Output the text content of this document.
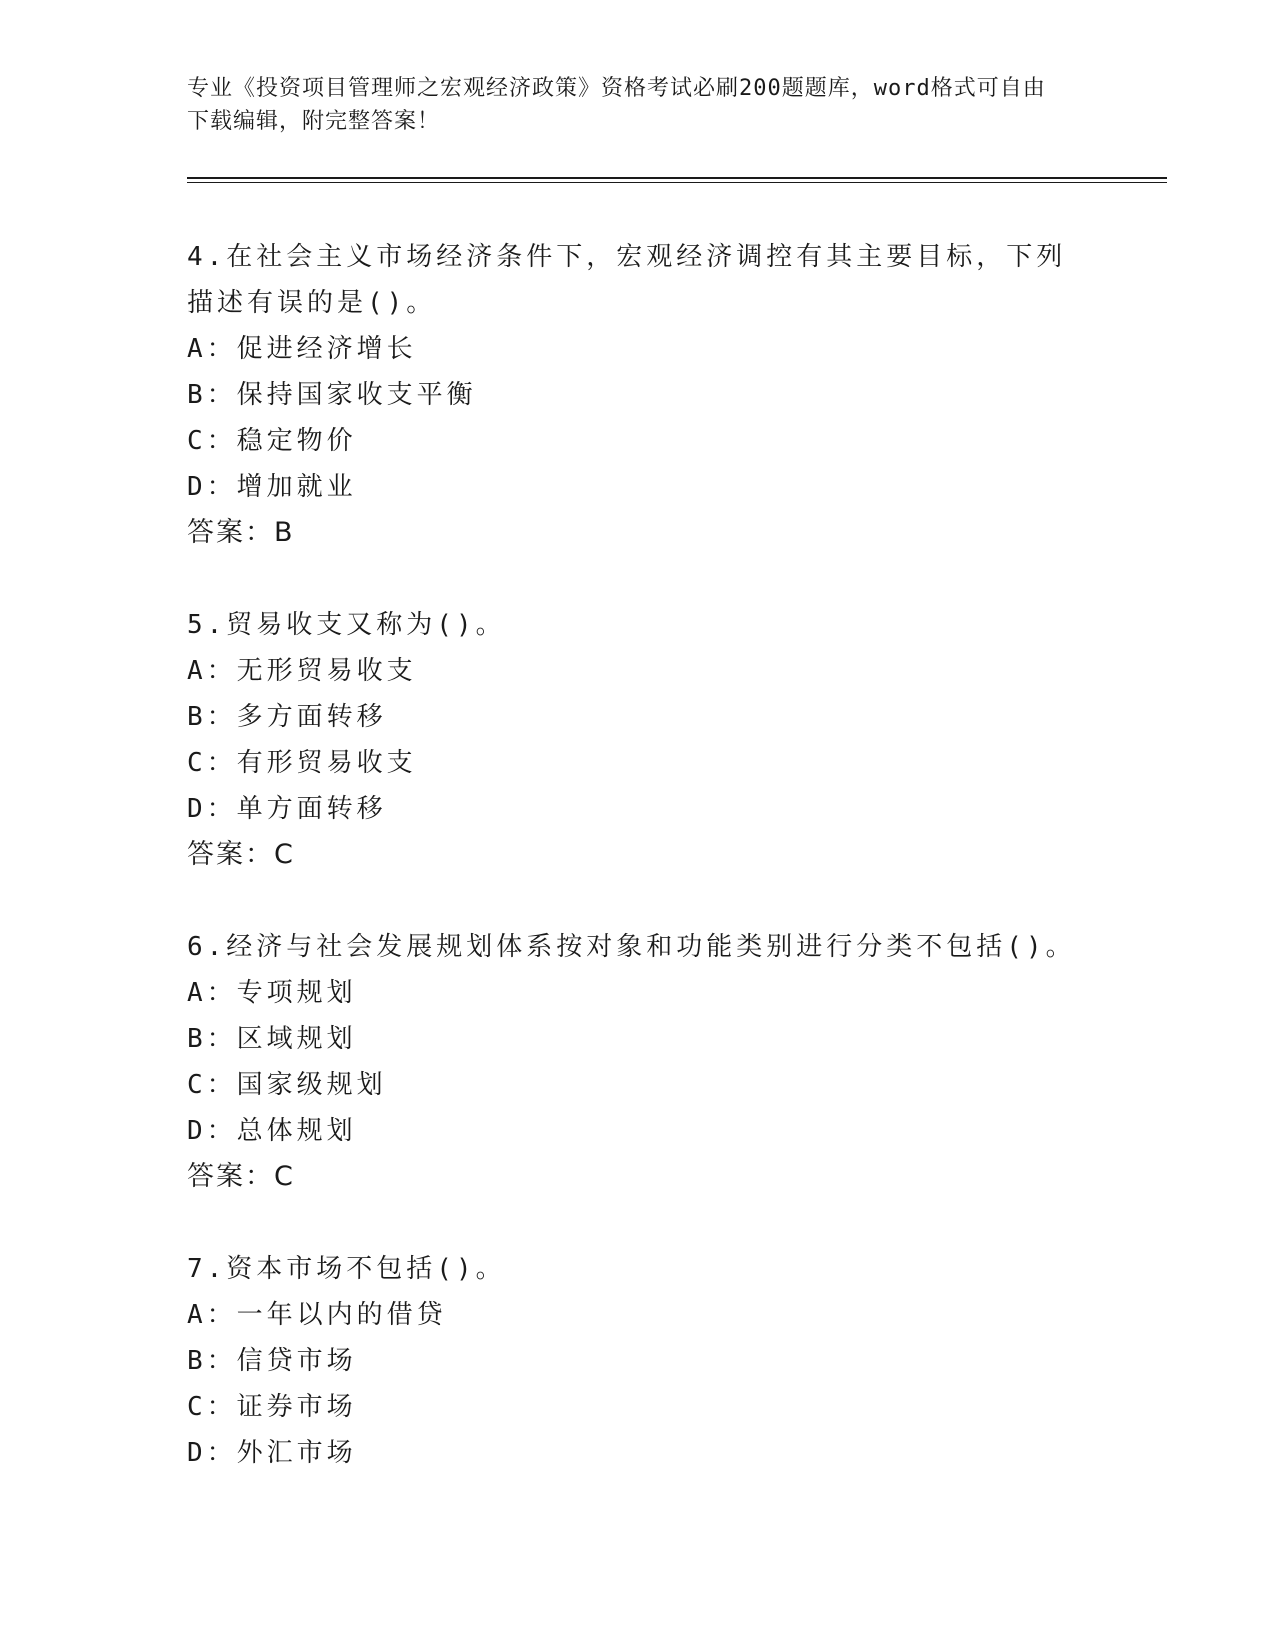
专业《投资项目管理师之宏观经济政策》资格考试必刷200题题库，word格式可自由下载编辑，附完整答案！
4.在社会主义市场经济条件下，宏观经济调控有其主要目标，下列描述有误的是()。
A：促进经济增长
B：保持国家收支平衡
C：稳定物价
D：增加就业
答案：B
5.贸易收支又称为()。
A：无形贸易收支
B：多方面转移
C：有形贸易收支
D：单方面转移
答案：C
6.经济与社会发展规划体系按对象和功能类别进行分类不包括()。
A：专项规划
B：区域规划
C：国家级规划
D：总体规划
答案：C
7.资本市场不包括()。
A：一年以内的借贷
B：信贷市场
C：证券市场
D：外汇市场
